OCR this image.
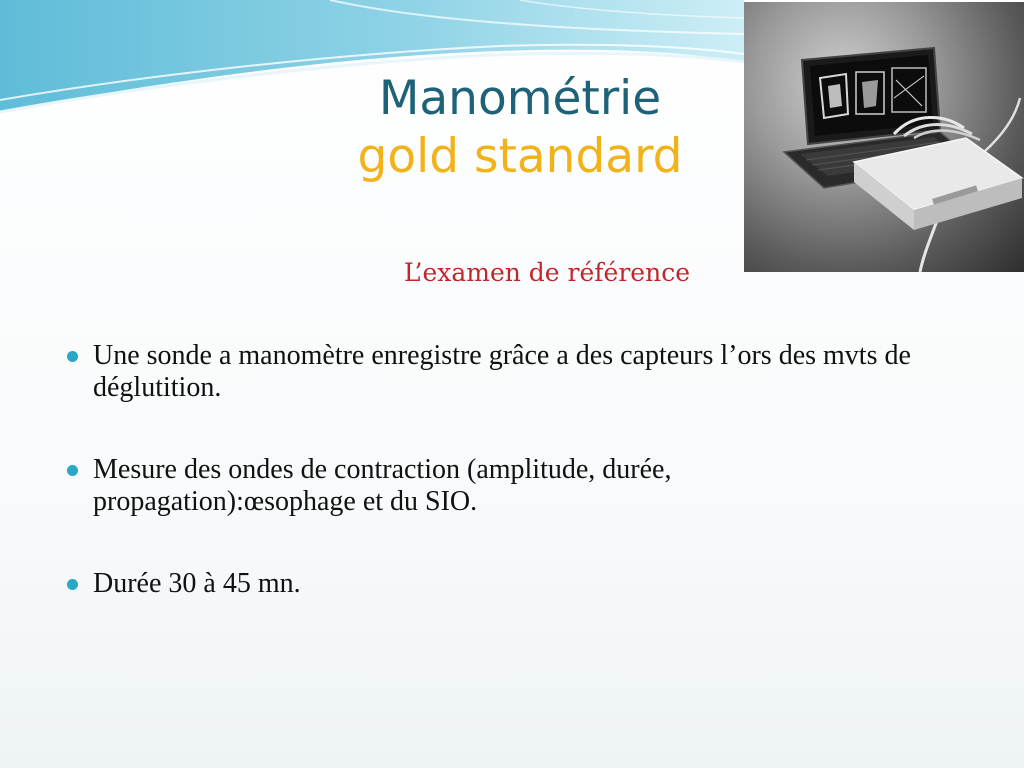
Manométrie
gold standard
L’examen de référence
Une sonde a manomètre enregistre grâce a des capteurs l’ors des mvts de déglutition.
Mesure des ondes de contraction (amplitude, durée, propagation):œsophage et du SIO.
Durée 30 à 45 mn.
